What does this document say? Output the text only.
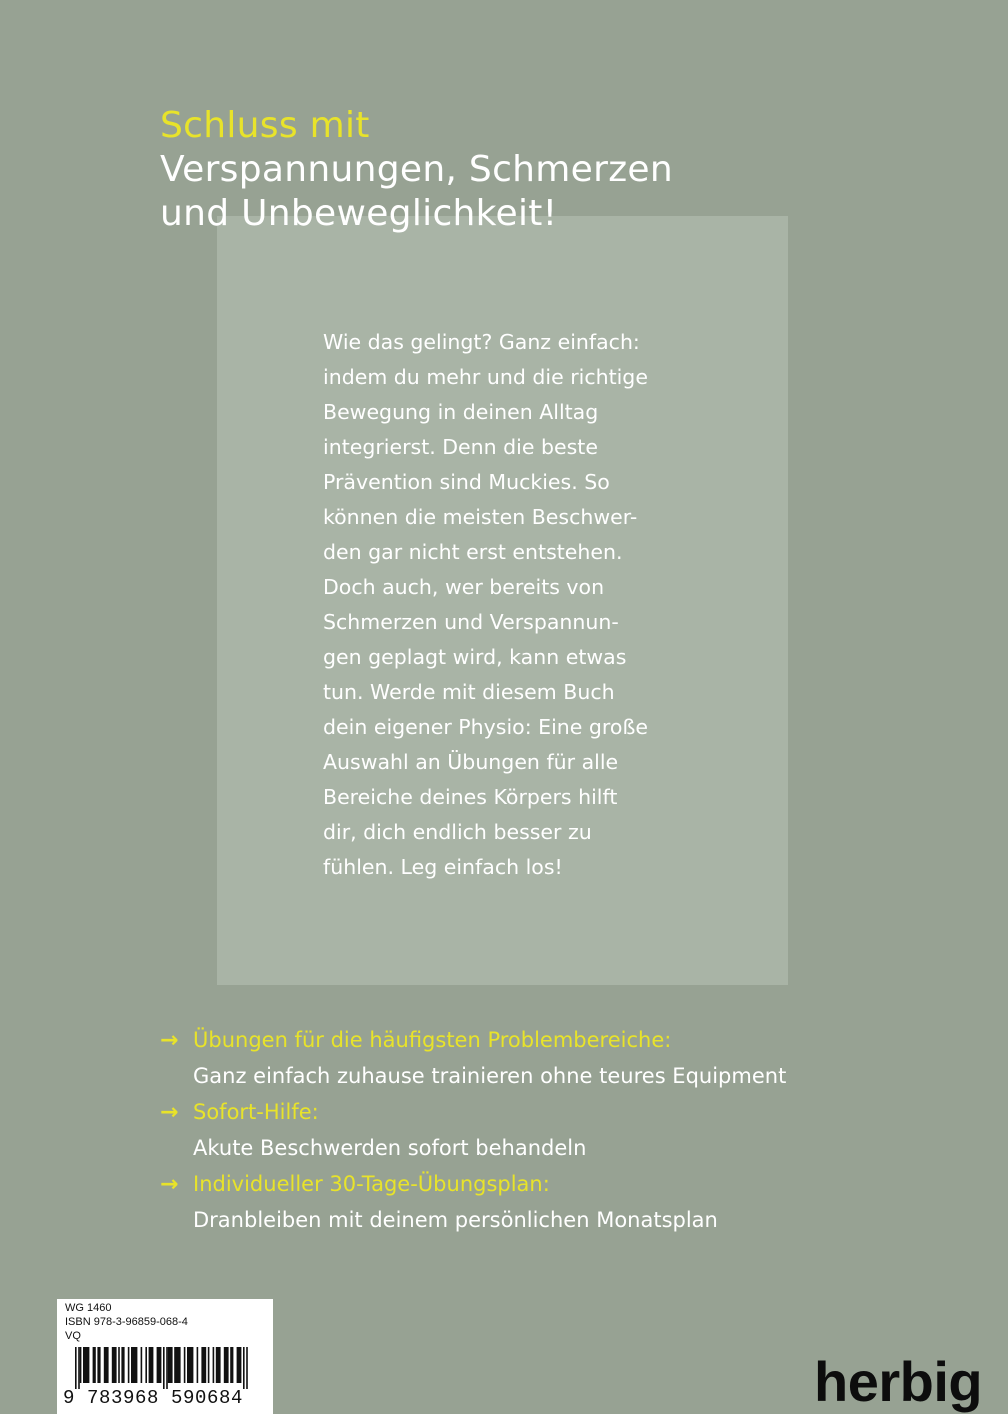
Schluss mit
Verspannungen, Schmerzen
und Unbeweglichkeit!
Wie das gelingt? Ganz einfach:
indem du mehr und die richtige
Bewegung in deinen Alltag
integrierst. Denn die beste
Prävention sind Muckies. So
können die meisten Beschwer-
den gar nicht erst entstehen.
Doch auch, wer bereits von
Schmerzen und Verspannun-
gen geplagt wird, kann etwas
tun. Werde mit diesem Buch
dein eigener Physio: Eine große
Auswahl an Übungen für alle
Bereiche deines Körpers hilft
dir, dich endlich besser zu
fühlen. Leg einfach los!
→ Übungen für die häufigsten Problembereiche:
Ganz einfach zuhause trainieren ohne teures Equipment
→ Sofort-Hilfe:
Akute Beschwerden sofort behandeln
→ Individueller 30-Tage-Übungsplan:
Dranbleiben mit deinem persönlichen Monatsplan
WG 1460
ISBN 978-3-96859-068-4
VQ
9 783968 590684	herbig
